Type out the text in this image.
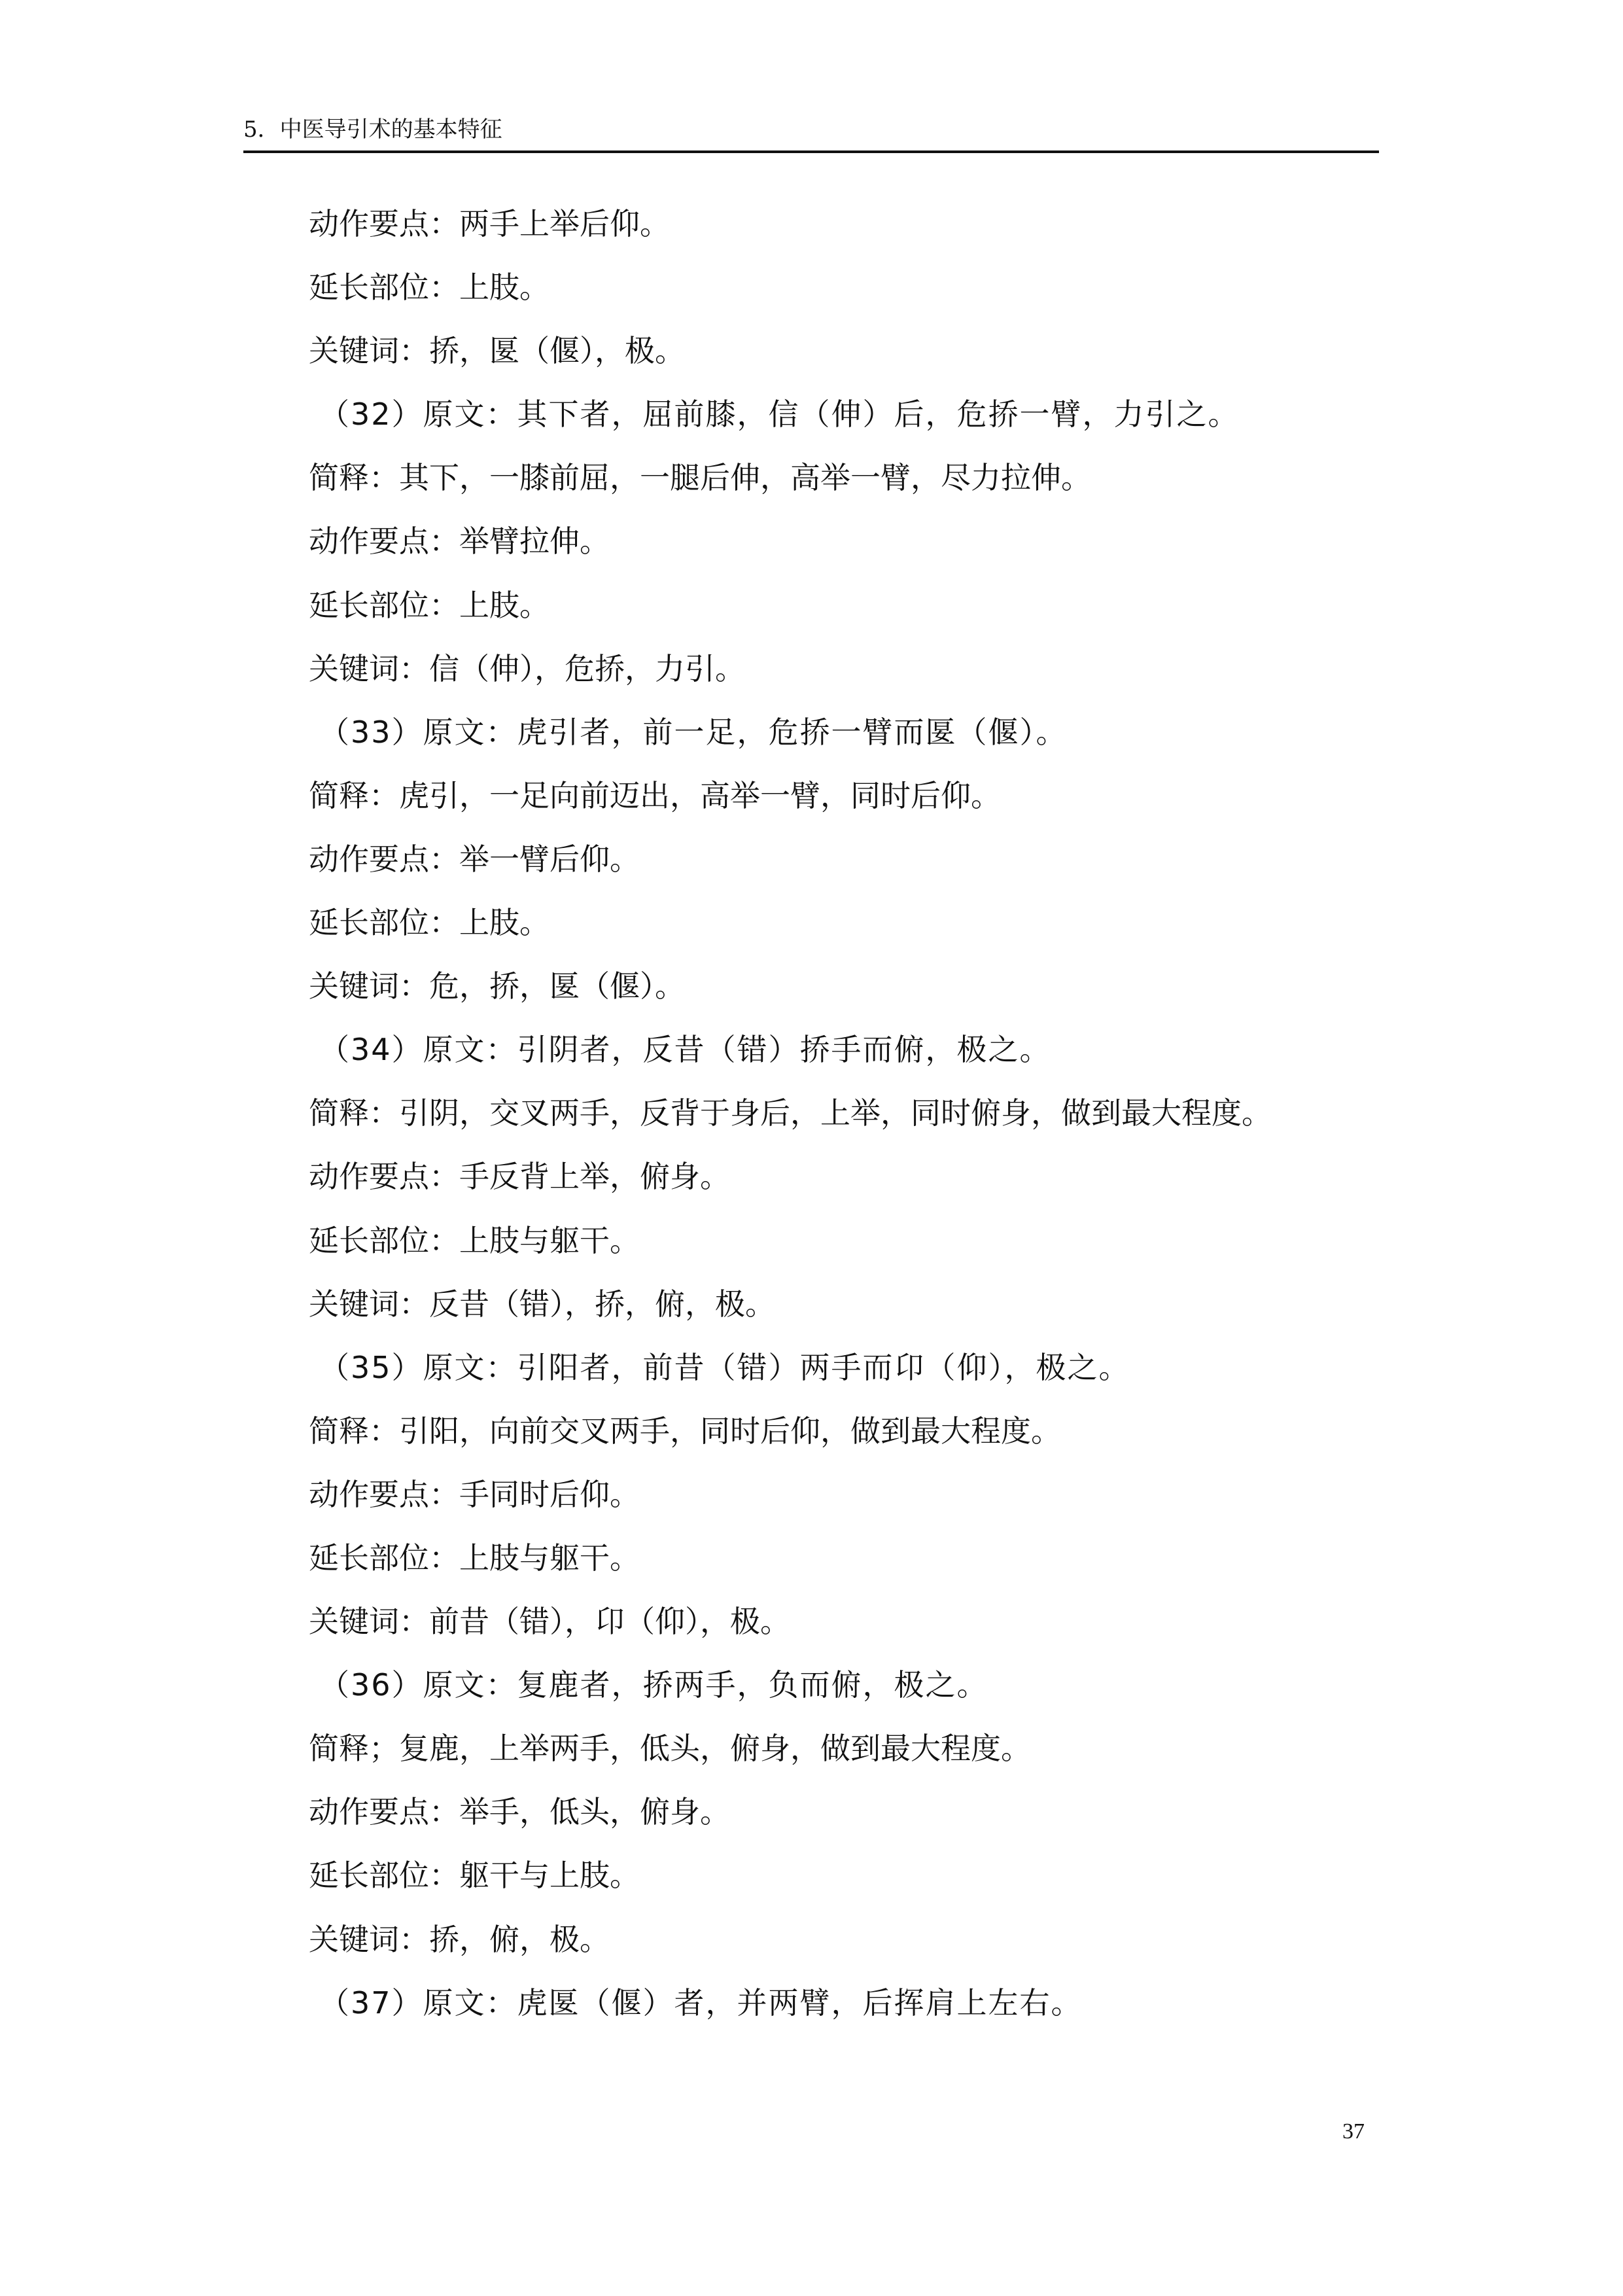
5．中医导引术的基本特征
动作要点：两手上举后仰。
延长部位：上肢。
关键词：挢，匽（偃），极。
（32）原文：其下者，屈前膝，信（伸）后，危挢一臂，力引之。
简释：其下，一膝前屈，一腿后伸，高举一臂，尽力拉伸。
动作要点：举臂拉伸。
延长部位：上肢。
关键词：信（伸），危挢，力引。
（33）原文：虎引者，前一足，危挢一臂而匽（偃）。
简释：虎引，一足向前迈出，高举一臂，同时后仰。
动作要点：举一臂后仰。
延长部位：上肢。
关键词：危，挢，匽（偃）。
（34）原文：引阴者，反昔（错）挢手而俯，极之。
简释：引阴，交叉两手，反背于身后，上举，同时俯身，做到最大程度。
动作要点：手反背上举，俯身。
延长部位：上肢与躯干。
关键词：反昔（错），挢，俯，极。
（35）原文：引阳者，前昔（错）两手而卬（仰），极之。
简释：引阳，向前交叉两手，同时后仰，做到最大程度。
动作要点：手同时后仰。
延长部位：上肢与躯干。
关键词：前昔（错），卬（仰），极。
（36）原文：复鹿者，挢两手，负而俯，极之。
简释；复鹿，上举两手，低头，俯身，做到最大程度。
动作要点：举手，低头，俯身。
延长部位：躯干与上肢。
关键词：挢，俯，极。
（37）原文：虎匽（偃）者，并两臂，后挥肩上左右。
37
